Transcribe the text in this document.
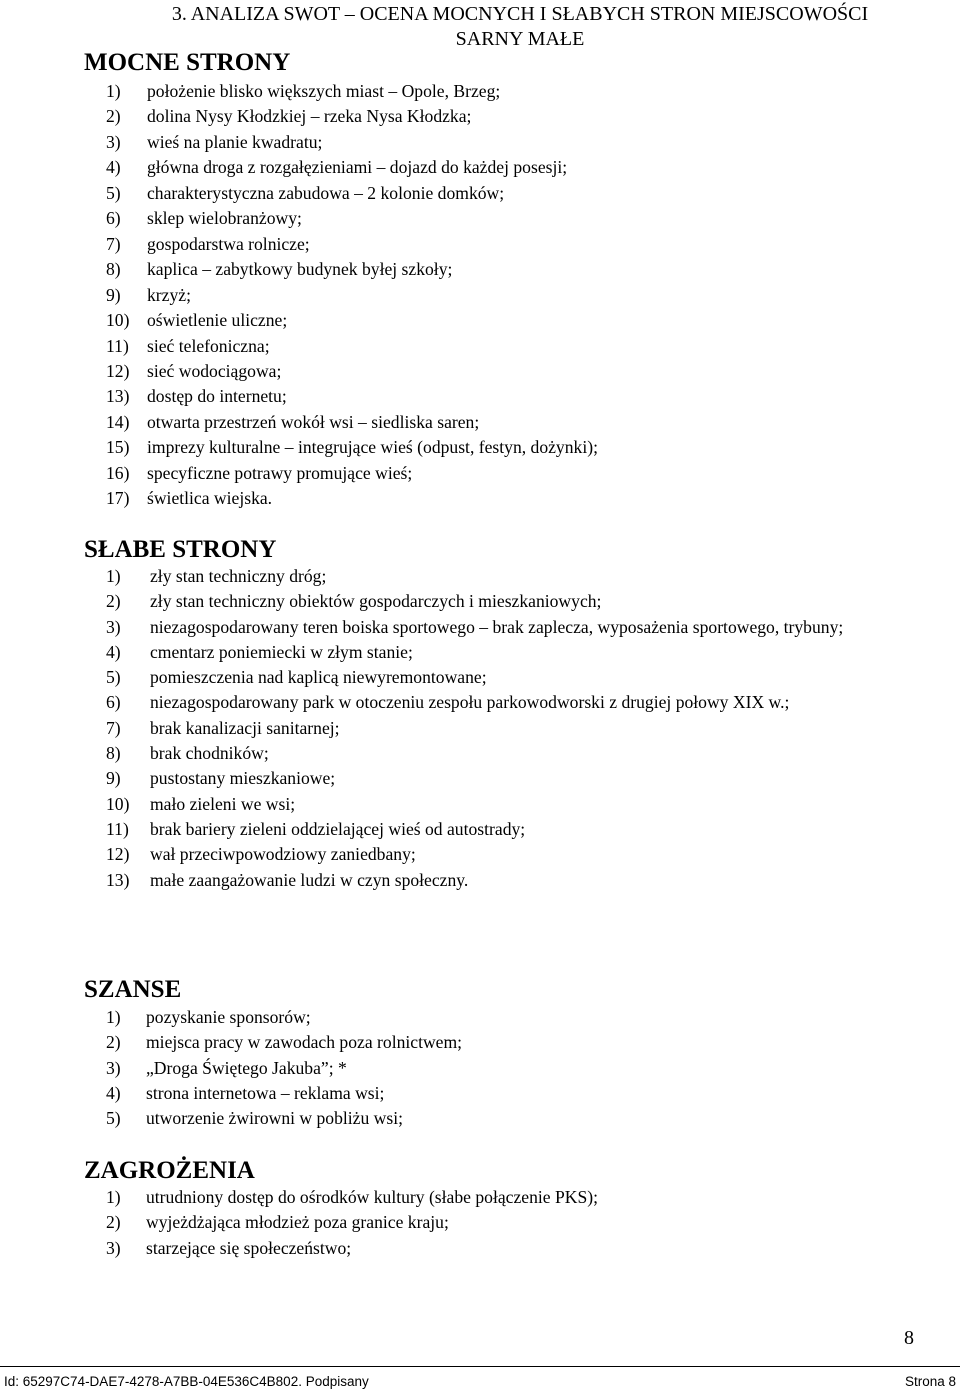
3. ANALIZA SWOT – OCENA MOCNYCH I SŁABYCH STRON MIEJSCOWOŚCI
SARNY MAŁE
MOCNE STRONY
1) położenie blisko większych miast – Opole, Brzeg;
2) dolina Nysy Kłodzkiej – rzeka Nysa Kłodzka;
3) wieś na planie kwadratu;
4) główna droga z rozgałęzieniami – dojazd do każdej posesji;
5) charakterystyczna zabudowa – 2 kolonie domków;
6) sklep wielobranżowy;
7) gospodarstwa rolnicze;
8) kaplica – zabytkowy budynek byłej szkoły;
9) krzyż;
10) oświetlenie uliczne;
11) sieć telefoniczna;
12) sieć wodociągowa;
13) dostęp do internetu;
14) otwarta przestrzeń wokół wsi – siedliska saren;
15) imprezy kulturalne – integrujące wieś (odpust, festyn, dożynki);
16) specyficzne potrawy promujące wieś;
17) świetlica wiejska.
SŁABE STRONY
1) zły stan techniczny dróg;
2) zły stan techniczny obiektów gospodarczych i mieszkaniowych;
3) niezagospodarowany teren boiska sportowego – brak zaplecza, wyposażenia sportowego, trybuny;
4) cmentarz poniemiecki w złym stanie;
5) pomieszczenia nad kaplicą niewyremontowane;
6) niezagospodarowany park w otoczeniu zespołu parkowodworski z drugiej połowy XIX w.;
7) brak kanalizacji sanitarnej;
8) brak chodników;
9) pustostany mieszkaniowe;
10) mało zieleni we wsi;
11) brak bariery zieleni oddzielającej wieś od autostrady;
12) wał przeciwpowodziowy zaniedbany;
13) małe zaangażowanie ludzi w czyn społeczny.
SZANSE
1) pozyskanie sponsorów;
2) miejsca pracy w zawodach poza rolnictwem;
3) „Droga Świętego Jakuba”; *
4) strona internetowa – reklama wsi;
5) utworzenie żwirowni w pobliżu wsi;
ZAGROŻENIA
1) utrudniony dostęp do ośrodków kultury (słabe połączenie PKS);
2) wyjeżdżająca młodzież poza granice kraju;
3) starzejące się społeczeństwo;
8
Id: 65297C74-DAE7-4278-A7BB-04E536C4B802. Podpisany	Strona 8
